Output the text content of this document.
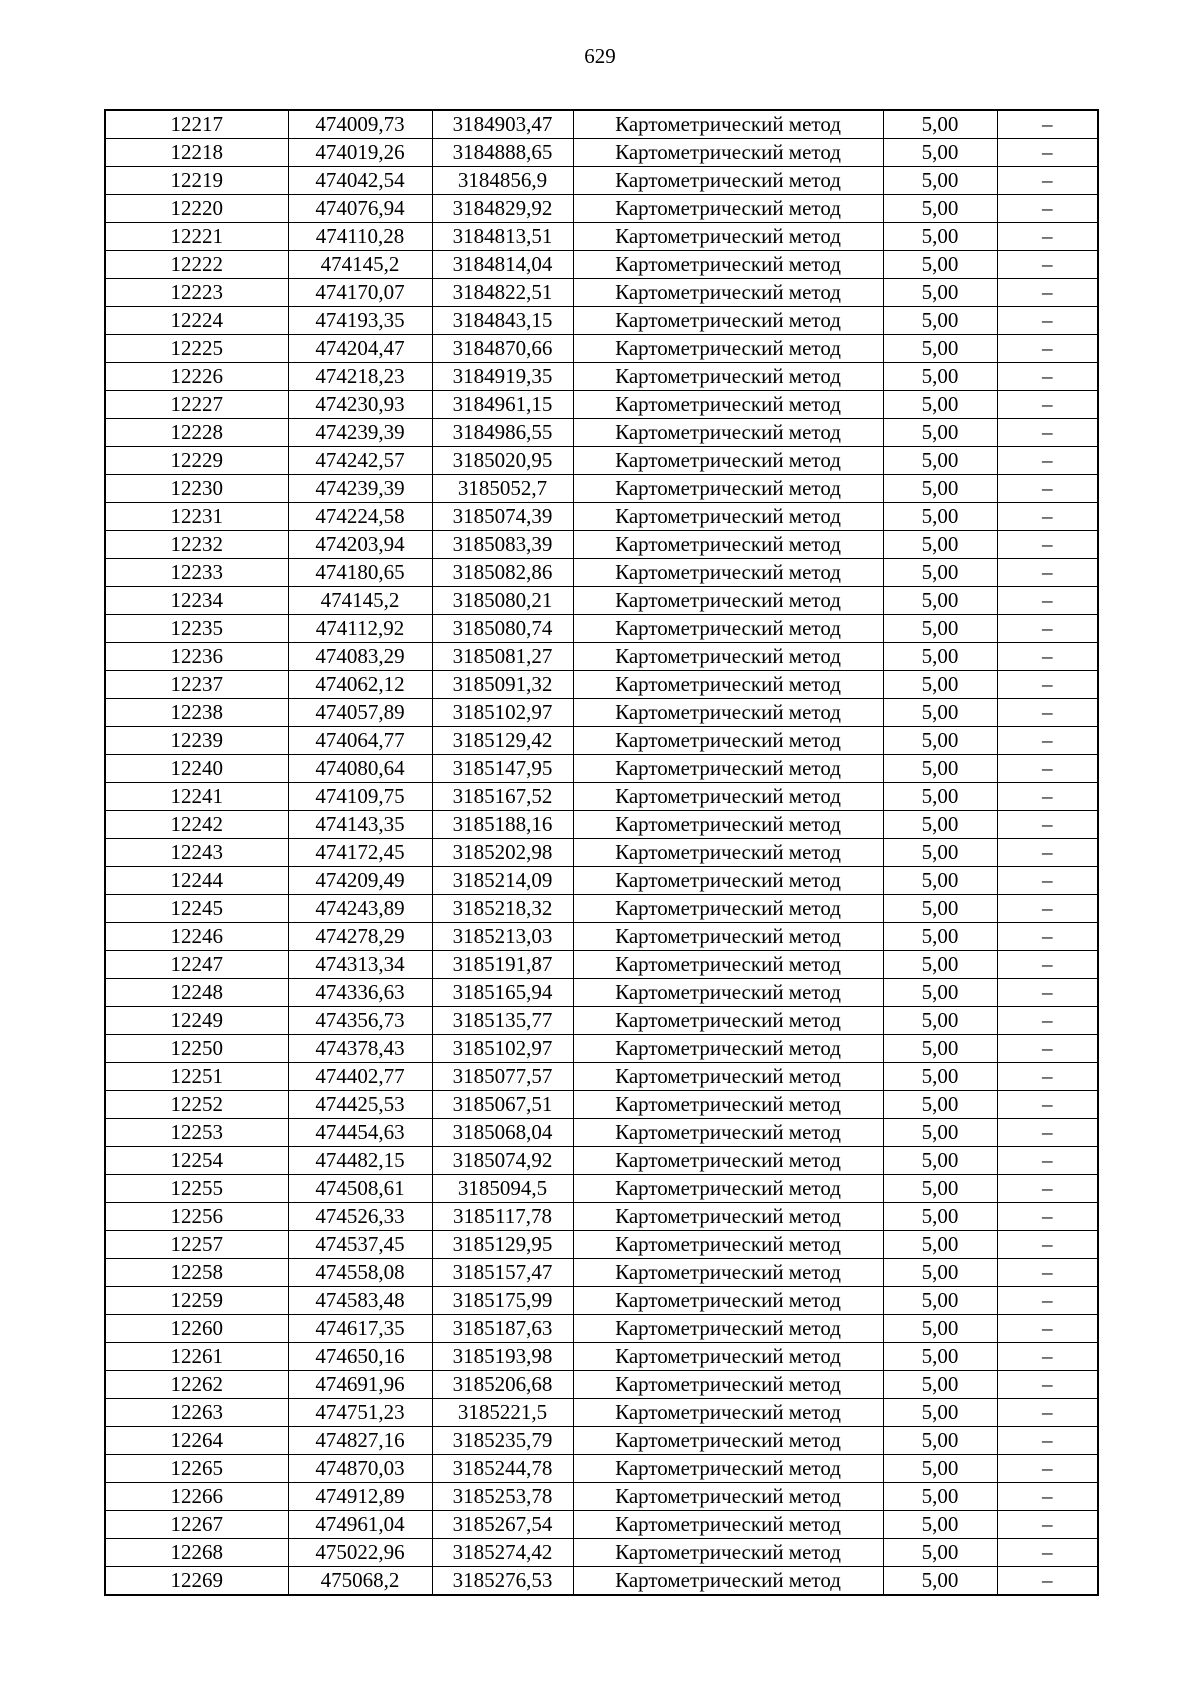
629
12217	474009,73	3184903,47	Картометрический метод	5,00	–
12218	474019,26	3184888,65	Картометрический метод	5,00	–
12219	474042,54	3184856,9	Картометрический метод	5,00	–
12220	474076,94	3184829,92	Картометрический метод	5,00	–
12221	474110,28	3184813,51	Картометрический метод	5,00	–
12222	474145,2	3184814,04	Картометрический метод	5,00	–
12223	474170,07	3184822,51	Картометрический метод	5,00	–
12224	474193,35	3184843,15	Картометрический метод	5,00	–
12225	474204,47	3184870,66	Картометрический метод	5,00	–
12226	474218,23	3184919,35	Картометрический метод	5,00	–
12227	474230,93	3184961,15	Картометрический метод	5,00	–
12228	474239,39	3184986,55	Картометрический метод	5,00	–
12229	474242,57	3185020,95	Картометрический метод	5,00	–
12230	474239,39	3185052,7	Картометрический метод	5,00	–
12231	474224,58	3185074,39	Картометрический метод	5,00	–
12232	474203,94	3185083,39	Картометрический метод	5,00	–
12233	474180,65	3185082,86	Картометрический метод	5,00	–
12234	474145,2	3185080,21	Картометрический метод	5,00	–
12235	474112,92	3185080,74	Картометрический метод	5,00	–
12236	474083,29	3185081,27	Картометрический метод	5,00	–
12237	474062,12	3185091,32	Картометрический метод	5,00	–
12238	474057,89	3185102,97	Картометрический метод	5,00	–
12239	474064,77	3185129,42	Картометрический метод	5,00	–
12240	474080,64	3185147,95	Картометрический метод	5,00	–
12241	474109,75	3185167,52	Картометрический метод	5,00	–
12242	474143,35	3185188,16	Картометрический метод	5,00	–
12243	474172,45	3185202,98	Картометрический метод	5,00	–
12244	474209,49	3185214,09	Картометрический метод	5,00	–
12245	474243,89	3185218,32	Картометрический метод	5,00	–
12246	474278,29	3185213,03	Картометрический метод	5,00	–
12247	474313,34	3185191,87	Картометрический метод	5,00	–
12248	474336,63	3185165,94	Картометрический метод	5,00	–
12249	474356,73	3185135,77	Картометрический метод	5,00	–
12250	474378,43	3185102,97	Картометрический метод	5,00	–
12251	474402,77	3185077,57	Картометрический метод	5,00	–
12252	474425,53	3185067,51	Картометрический метод	5,00	–
12253	474454,63	3185068,04	Картометрический метод	5,00	–
12254	474482,15	3185074,92	Картометрический метод	5,00	–
12255	474508,61	3185094,5	Картометрический метод	5,00	–
12256	474526,33	3185117,78	Картометрический метод	5,00	–
12257	474537,45	3185129,95	Картометрический метод	5,00	–
12258	474558,08	3185157,47	Картометрический метод	5,00	–
12259	474583,48	3185175,99	Картометрический метод	5,00	–
12260	474617,35	3185187,63	Картометрический метод	5,00	–
12261	474650,16	3185193,98	Картометрический метод	5,00	–
12262	474691,96	3185206,68	Картометрический метод	5,00	–
12263	474751,23	3185221,5	Картометрический метод	5,00	–
12264	474827,16	3185235,79	Картометрический метод	5,00	–
12265	474870,03	3185244,78	Картометрический метод	5,00	–
12266	474912,89	3185253,78	Картометрический метод	5,00	–
12267	474961,04	3185267,54	Картометрический метод	5,00	–
12268	475022,96	3185274,42	Картометрический метод	5,00	–
12269	475068,2	3185276,53	Картометрический метод	5,00	–
